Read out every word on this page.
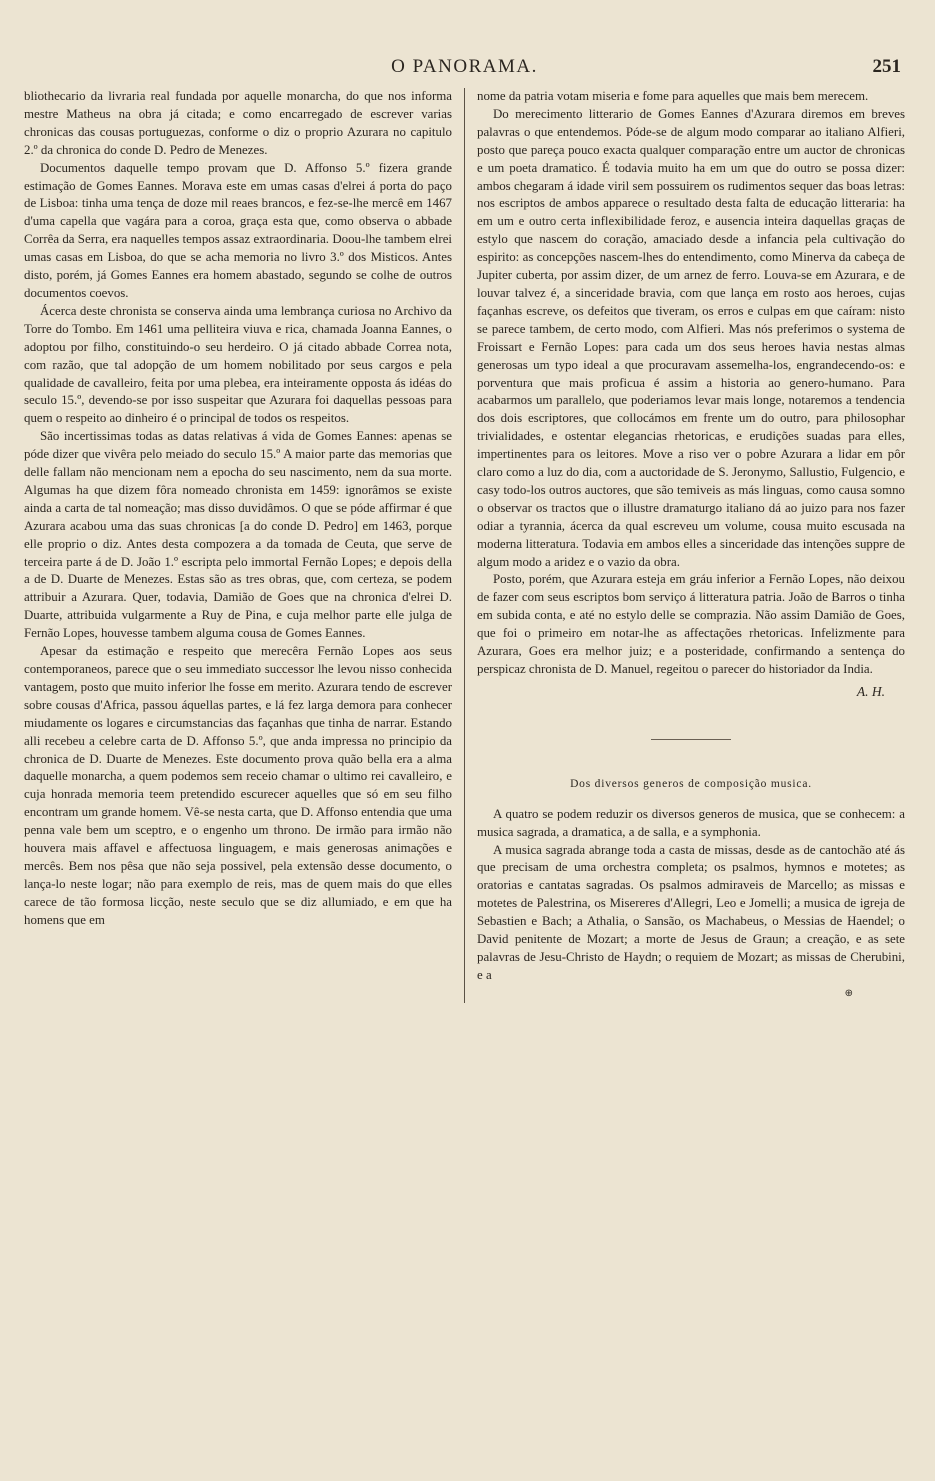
O PANORAMA.	251

bliothecario da livraria real fundada por aquelle monarcha, do que nos informa mestre Matheus na obra já citada; e como encarregado de escrever varias chronicas das cousas portuguezas, conforme o diz o proprio Azurara no capitulo 2.º da chronica do conde D. Pedro de Menezes.

Documentos daquelle tempo provam que D. Affonso 5.º fizera grande estimação de Gomes Eannes. Morava este em umas casas d'elrei á porta do paço de Lisboa: tinha uma tença de doze mil reaes brancos, e fez-se-lhe mercê em 1467 d'uma capella que vagára para a coroa, graça esta que, como observa o abbade Corrêa da Serra, era naquelles tempos assaz extraordinaria. Doou-lhe tambem elrei umas casas em Lisboa, do que se acha memoria no livro 3.º dos Misticos. Antes disto, porém, já Gomes Eannes era homem abastado, segundo se colhe de outros documentos coevos.

Ácerca deste chronista se conserva ainda uma lembrança curiosa no Archivo da Torre do Tombo. Em 1461 uma pelliteira viuva e rica, chamada Joanna Eannes, o adoptou por filho, constituindo-o seu herdeiro. O já citado abbade Correa nota, com razão, que tal adopção de um homem nobilitado por seus cargos e pela qualidade de cavalleiro, feita por uma plebea, era inteiramente opposta ás idéas do seculo 15.º, devendo-se por isso suspeitar que Azurara foi daquellas pessoas para quem o respeito ao dinheiro é o principal de todos os respeitos.

São incertissimas todas as datas relativas á vida de Gomes Eannes: apenas se póde dizer que vivêra pelo meiado do seculo 15.º A maior parte das memorias que delle fallam não mencionam nem a epocha do seu nascimento, nem da sua morte. Algumas ha que dizem fôra nomeado chronista em 1459: ignorâmos se existe ainda a carta de tal nomeação; mas disso duvidâmos. O que se póde affirmar é que Azurara acabou uma das suas chronicas [a do conde D. Pedro] em 1463, porque elle proprio o diz. Antes desta compozera a da tomada de Ceuta, que serve de terceira parte á de D. João 1.º escripta pelo immortal Fernão Lopes; e depois della a de D. Duarte de Menezes. Estas são as tres obras, que, com certeza, se podem attribuir a Azurara. Quer, todavia, Damião de Goes que na chronica d'elrei D. Duarte, attribuida vulgarmente a Ruy de Pina, e cuja melhor parte elle julga de Fernão Lopes, houvesse tambem alguma cousa de Gomes Eannes.

Apesar da estimação e respeito que merecêra Fernão Lopes aos seus contemporaneos, parece que o seu immediato successor lhe levou nisso conhecida vantagem, posto que muito inferior lhe fosse em merito. Azurara tendo de escrever sobre cousas d'Africa, passou áquellas partes, e lá fez larga demora para conhecer miudamente os logares e circumstancias das façanhas que tinha de narrar. Estando alli recebeu a celebre carta de D. Affonso 5.º, que anda impressa no principio da chronica de D. Duarte de Menezes. Este documento prova quão bella era a alma daquelle monarcha, a quem podemos sem receio chamar o ultimo rei cavalleiro, e cuja honrada memoria teem pretendido escurecer aquelles que só em seu filho encontram um grande homem. Vê-se nesta carta, que D. Affonso entendia que uma penna vale bem um sceptro, e o engenho um throno. De irmão para irmão não houvera mais affavel e affectuosa linguagem, e mais generosas animações e mercês. Bem nos pêsa que não seja possivel, pela extensão desse documento, o lança-lo neste logar; não para exemplo de reis, mas de quem mais do que elles carece de tão formosa licção, neste seculo que se diz allumiado, e em que ha homens que em

nome da patria votam miseria e fome para aquelles que mais bem merecem.

Do merecimento litterario de Gomes Eannes d'Azurara diremos em breves palavras o que entendemos. Póde-se de algum modo comparar ao italiano Alfieri, posto que pareça pouco exacta qualquer comparação entre um auctor de chronicas e um poeta dramatico. É todavia muito ha em um que do outro se possa dizer: ambos chegaram á idade viril sem possuirem os rudimentos sequer das boas letras: nos escriptos de ambos apparece o resultado desta falta de educação litteraria: ha em um e outro certa inflexibilidade feroz, e ausencia inteira daquellas graças de estylo que nascem do coração, amaciado desde a infancia pela cultivação do espirito: as concepções nascem-lhes do entendimento, como Minerva da cabeça de Jupiter cuberta, por assim dizer, de um arnez de ferro. Louva-se em Azurara, e de louvar talvez é, a sinceridade bravia, com que lança em rosto aos heroes, cujas façanhas escreve, os defeitos que tiveram, os erros e culpas em que caíram: nisto se parece tambem, de certo modo, com Alfieri. Mas nós preferimos o systema de Froissart e Fernão Lopes: para cada um dos seus heroes havia nestas almas generosas um typo ideal a que procuravam assemelha-los, engrandecendo-os: e porventura que mais proficua é assim a historia ao genero-humano. Para acabarmos um parallelo, que poderiamos levar mais longe, notaremos a tendencia dos dois escriptores, que collocámos em frente um do outro, para philosophar trivialidades, e ostentar elegancias rhetoricas, e erudições suadas para elles, impertinentes para os leitores. Move a riso ver o pobre Azurara a lidar em pôr claro como a luz do dia, com a auctoridade de S. Jeronymo, Sallustio, Fulgencio, e casy todo-los outros auctores, que são temiveis as más linguas, como causa somno o observar os tractos que o illustre dramaturgo italiano dá ao juizo para nos fazer odiar a tyrannia, ácerca da qual escreveu um volume, cousa muito escusada na moderna litteratura. Todavia em ambos elles a sinceridade das intenções suppre de algum modo a aridez e o vazio da obra.

Posto, porém, que Azurara esteja em gráu inferior a Fernão Lopes, não deixou de fazer com seus escriptos bom serviço á litteratura patria. João de Barros o tinha em subida conta, e até no estylo delle se comprazia. Não assim Damião de Goes, que foi o primeiro em notar-lhe as affectações rhetoricas. Infelizmente para Azurara, Goes era melhor juiz; e a posteridade, confirmando a sentença do perspicaz chronista de D. Manuel, regeitou o parecer do historiador da India.

A. H.
Dos diversos generos de composição musica.

A quatro se podem reduzir os diversos generos de musica, que se conhecem: a musica sagrada, a dramatica, a de salla, e a symphonia.

A musica sagrada abrange toda a casta de missas, desde as de cantochão até ás que precisam de uma orchestra completa; os psalmos, hymnos e motetes; as oratorias e cantatas sagradas. Os psalmos admiraveis de Marcello; as missas e motetes de Palestrina, os Misereres d'Allegri, Leo e Jomelli; a musica de igreja de Sebastien e Bach; a Athalia, o Sansão, os Machabeus, o Messias de Haendel; o David penitente de Mozart; a morte de Jesus de Graun; a creação, e as sete palavras de Jesu-Christo de Haydn; o requiem de Mozart; as missas de Cherubini, e a

⊕
